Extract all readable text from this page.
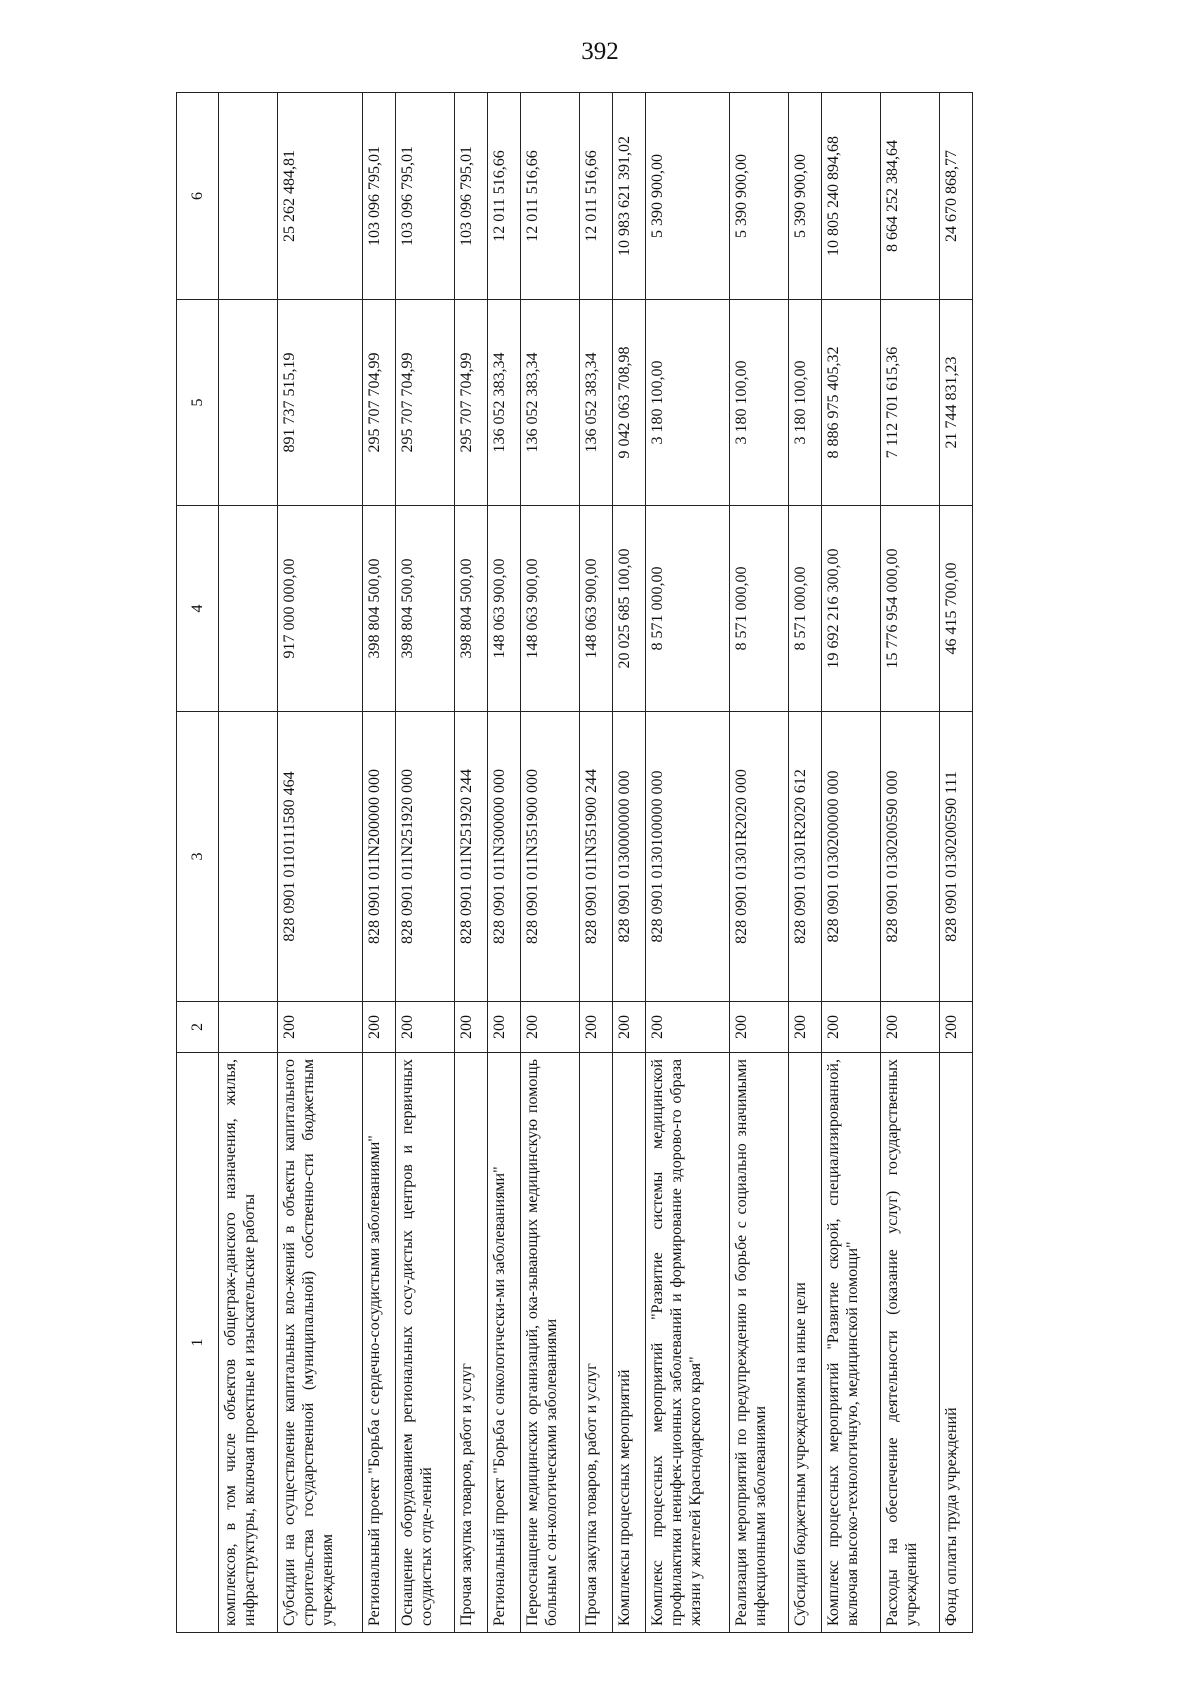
392
1	2	3	4	5	6
комплексов, в том числе объектов общеграж-данского назначения, жилья, инфраструктуры, включая проектные и изыскательские работы					
Субсидии на осуществление капитальных вло-жений в объекты капитального строительства государственной (муниципальной) собственно-сти бюджетным учреждениям	200	828 0901 0110111580 464	917 000 000,00	891 737 515,19	25 262 484,81
Региональный проект "Борьба с сердечно-сосудистыми заболеваниями"	200	828 0901 011N200000 000	398 804 500,00	295 707 704,99	103 096 795,01
Оснащение оборудованием региональных сосу-дистых центров и первичных сосудистых отде-лений	200	828 0901 011N251920 000	398 804 500,00	295 707 704,99	103 096 795,01
Прочая закупка товаров, работ и услуг	200	828 0901 011N251920 244	398 804 500,00	295 707 704,99	103 096 795,01
Региональный проект "Борьба с онкологически-ми заболеваниями"	200	828 0901 011N300000 000	148 063 900,00	136 052 383,34	12 011 516,66
Переоснащение медицинских организаций, ока-зывающих медицинскую помощь больным с он-кологическими заболеваниями	200	828 0901 011N351900 000	148 063 900,00	136 052 383,34	12 011 516,66
Прочая закупка товаров, работ и услуг	200	828 0901 011N351900 244	148 063 900,00	136 052 383,34	12 011 516,66
Комплексы процессных мероприятий	200	828 0901 0130000000 000	20 025 685 100,00	9 042 063 708,98	10 983 621 391,02
Комплекс процессных мероприятий "Развитие системы медицинской профилактики неинфек-ционных заболеваний и формирование здорово-го образа жизни у жителей Краснодарского края"	200	828 0901 0130100000 000	8 571 000,00	3 180 100,00	5 390 900,00
Реализация мероприятий по предупреждению и борьбе с социально значимыми инфекционными заболеваниями	200	828 0901 01301R2020 000	8 571 000,00	3 180 100,00	5 390 900,00
Субсидии бюджетным учреждениям на иные цели	200	828 0901 01301R2020 612	8 571 000,00	3 180 100,00	5 390 900,00
Комплекс процессных мероприятий "Развитие скорой, специализированной, включая высоко-технологичную, медицинской помощи"	200	828 0901 0130200000 000	19 692 216 300,00	8 886 975 405,32	10 805 240 894,68
Расходы на обеспечение деятельности (оказание услуг) государственных учреждений	200	828 0901 0130200590 000	15 776 954 000,00	7 112 701 615,36	8 664 252 384,64
Фонд оплаты труда учреждений	200	828 0901 0130200590 111	46 415 700,00	21 744 831,23	24 670 868,77
